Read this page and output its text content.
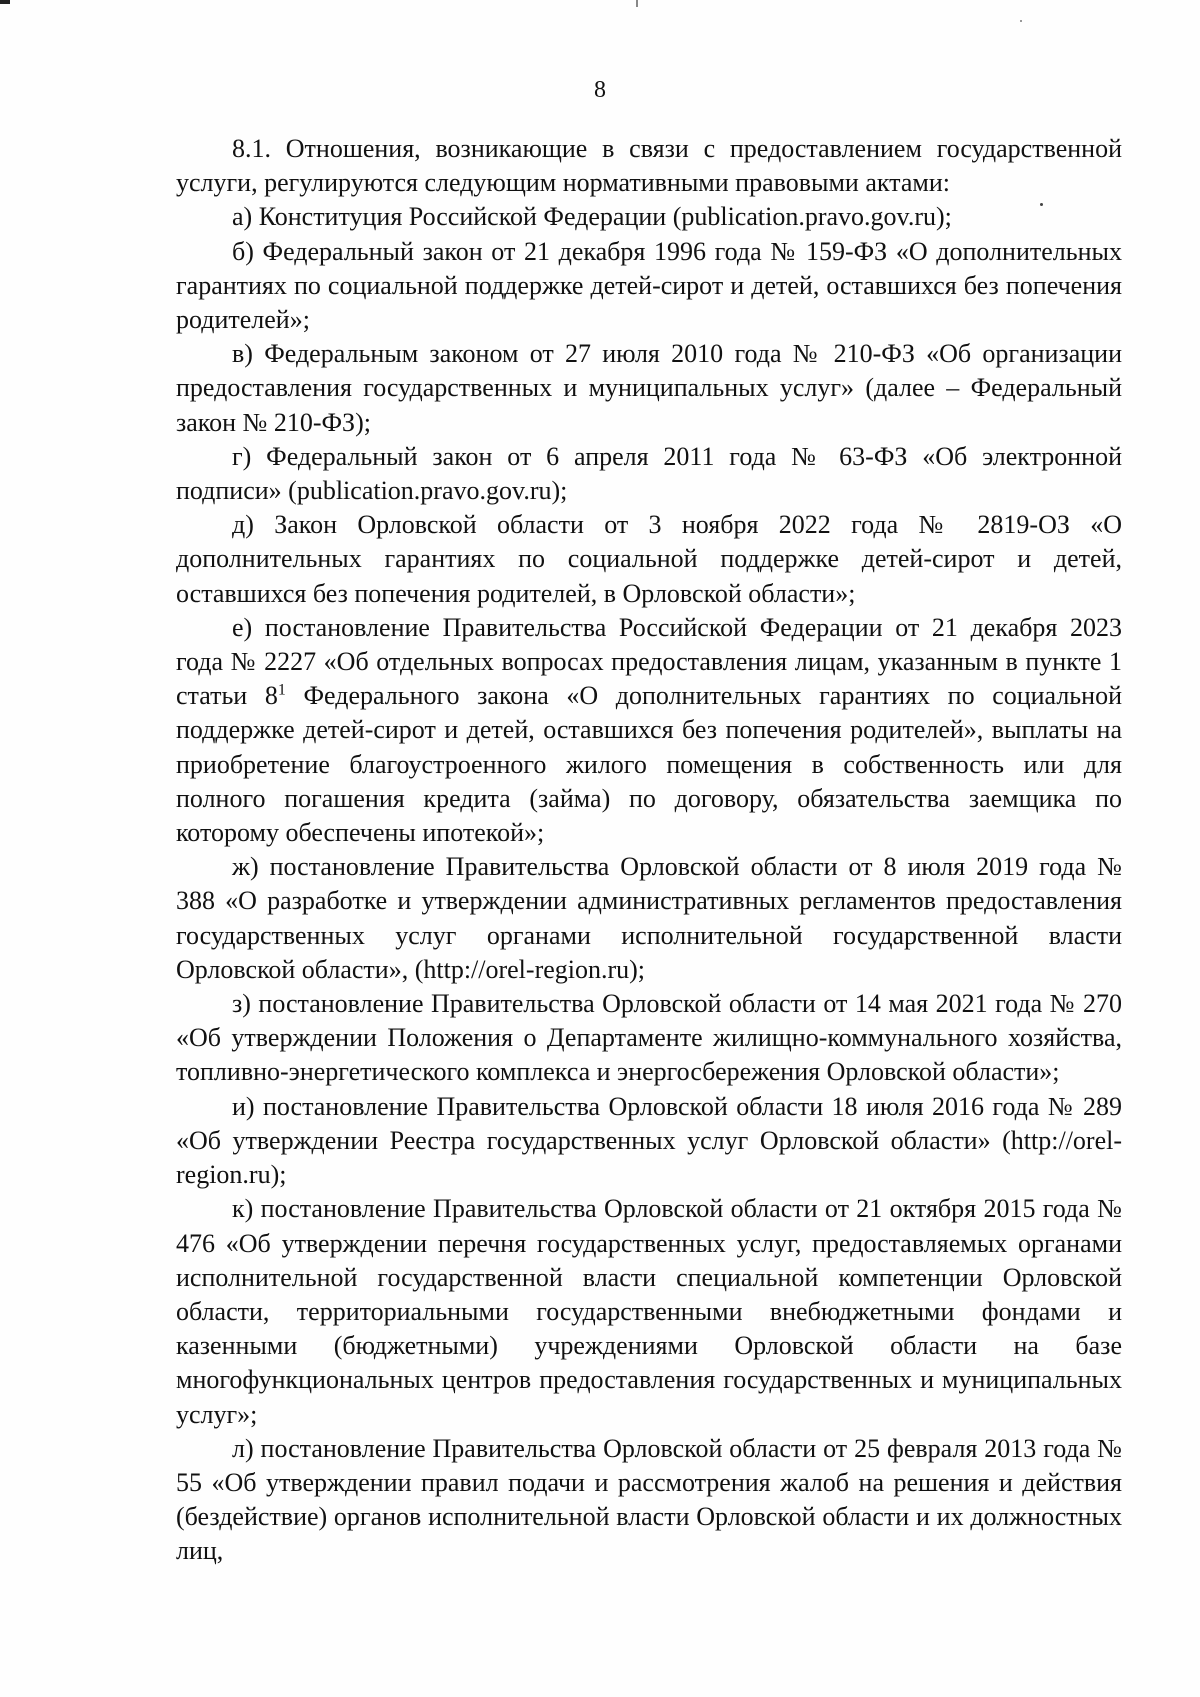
8

8.1. Отношения, возникающие в связи с предоставлением государственной услуги, регулируются следующим нормативными правовыми актами:

а) Конституция Российской Федерации (publication.pravo.gov.ru);

б) Федеральный закон от 21 декабря 1996 года № 159-ФЗ «О дополнительных гарантиях по социальной поддержке детей-сирот и детей, оставшихся без попечения родителей»;

в) Федеральным законом от 27 июля 2010 года № 210-ФЗ «Об организации предоставления государственных и муниципальных услуг» (далее – Федеральный закон № 210-ФЗ);

г) Федеральный закон от 6 апреля 2011 года № 63-ФЗ «Об электронной подписи» (publication.pravo.gov.ru);

д) Закон Орловской области от 3 ноября 2022 года № 2819-ОЗ «О дополнительных гарантиях по социальной поддержке детей-сирот и детей, оставшихся без попечения родителей, в Орловской области»;

е) постановление Правительства Российской Федерации от 21 декабря 2023 года № 2227 «Об отдельных вопросах предоставления лицам, указанным в пункте 1 статьи $8^1$ Федерального закона «О дополнительных гарантиях по социальной поддержке детей-сирот и детей, оставшихся без попечения родителей», выплаты на приобретение благоустроенного жилого помещения в собственность или для полного погашения кредита (займа) по договору, обязательства заемщика по которому обеспечены ипотекой»;

ж) постановление Правительства Орловской области от 8 июля 2019 года № 388 «О разработке и утверждении административных регламентов предоставления государственных услуг органами исполнительной государственной власти Орловской области», (http://orel-region.ru);

з) постановление Правительства Орловской области от 14 мая 2021 года № 270 «Об утверждении Положения о Департаменте жилищно-коммунального хозяйства, топливно-энергетического комплекса и энергосбережения Орловской области»;

и) постановление Правительства Орловской области 18 июля 2016 года № 289 «Об утверждении Реестра государственных услуг Орловской области» (http://orel-region.ru);

к) постановление Правительства Орловской области от 21 октября 2015 года № 476 «Об утверждении перечня государственных услуг, предоставляемых органами исполнительной государственной власти специальной компетенции Орловской области, территориальными государственными внебюджетными фондами и казенными (бюджетными) учреждениями Орловской области на базе многофункциональных центров предоставления государственных и муниципальных услуг»;

л) постановление Правительства Орловской области от 25 февраля 2013 года № 55 «Об утверждении правил подачи и рассмотрения жалоб на решения и действия (бездействие) органов исполнительной власти Орловской области и их должностных лиц,
